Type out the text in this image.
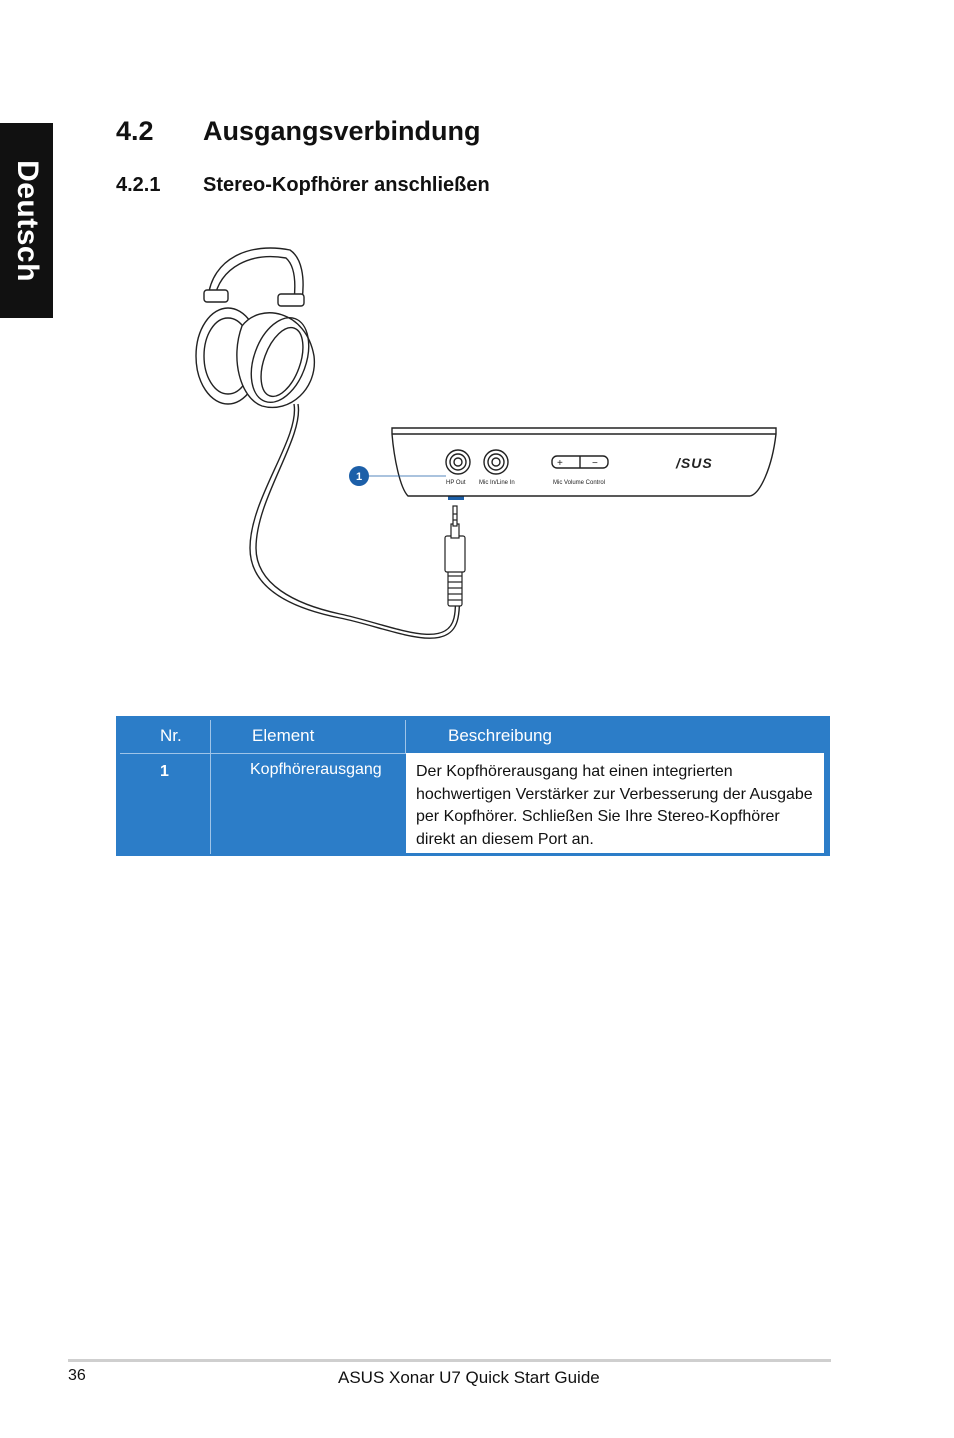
Deutsch
4.2 Ausgangsverbindung
4.2.1 Stereo-Kopfhörer anschließen
HP Out Mic In/Line In	Mic Volume Control
+	−	/SUS
1
Nr.	Element	Beschreibung
1	Kopfhörerausgang	Der Kopfhörerausgang hat einen integrierten hochwertigen Verstärker zur Verbesserung der Ausgabe per Kopfhörer. Schließen Sie Ihre Stereo-Kopfhörer direkt an diesem Port an.
36	ASUS Xonar U7 Quick Start Guide
